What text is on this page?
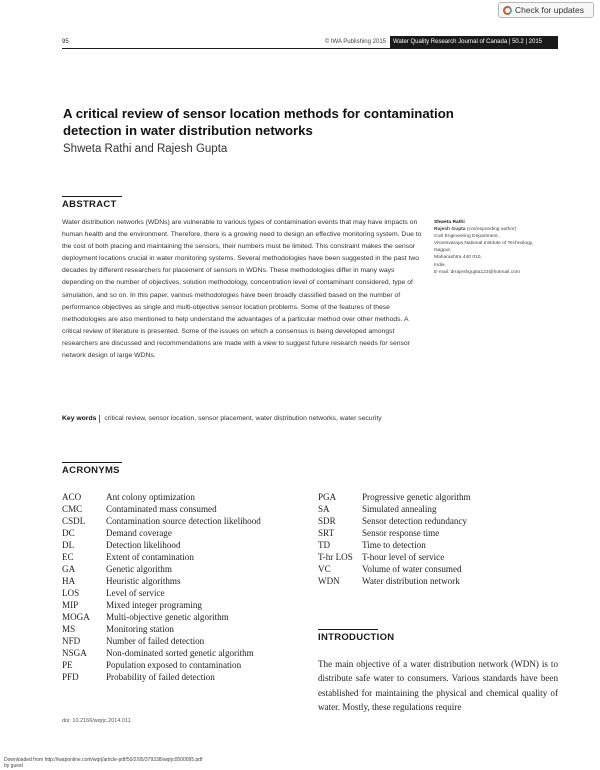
Check for updates
95	© IWA Publishing 2015	Water Quality Research Journal of Canada | 50.2 | 2015
A critical review of sensor location methods for contamination detection in water distribution networks
Shweta Rathi and Rajesh Gupta
ABSTRACT
Water distribution networks (WDNs) are vulnerable to various types of contamination events that may have impacts on human health and the environment. Therefore, there is a growing need to design an effective monitoring system. Due to the cost of both placing and maintaining the sensors, their numbers must be limited. This constraint makes the sensor deployment locations crucial in water monitoring systems. Several methodologies have been suggested in the past two decades by different researchers for placement of sensors in WDNs. These methodologies differ in many ways depending on the number of objectives, solution methodology, concentration level of contaminant considered, type of simulation, and so on. In this paper, various methodologies have been broadly classified based on the number of performance objectives as single and multi-objective sensor location problems. Some of the features of these methodologies are also mentioned to help understand the advantages of a particular method over other methods. A critical review of literature is presented. Some of the issues on which a consensus is being developed amongst researchers are discussed and recommendations are made with a view to suggest future research needs for sensor network design of large WDNs.
Key words critical review, sensor location, sensor placement, water distribution networks, water security
Shweta Rathi
Rajesh Gupta (corresponding author)
Civil Engineering Department,
Visvesvaraya National Institute of Technology,
Nagpur,
Maharashtra 440 010,
India
E-mail: drrajeshgupta123@hotmail.com
ACRONYMS
ACO	Ant colony optimization
CMC	Contaminated mass consumed
CSDL	Contamination source detection likelihood
DC	Demand coverage
DL	Detection likelihood
EC	Extent of contamination
GA	Genetic algorithm
HA	Heuristic algorithms
LOS	Level of service
MIP	Mixed integer programing
MOGA	Multi-objective genetic algorithm
MS	Monitoring station
NFD	Number of failed detection
NSGA	Non-dominated sorted genetic algorithm
PE	Population exposed to contamination
PFD	Probability of failed detection
PGA	Progressive genetic algorithm
SA	Simulated annealing
SDR	Sensor detection redundancy
SRT	Sensor response time
TD	Time to detection
T-hr LOS	T-hour level of service
VC	Volume of water consumed
WDN	Water distribution network
doi: 10.2166/wqrjc.2014.011
INTRODUCTION
The main objective of a water distribution network (WDN) is to distribute safe water to consumers. Various standards have been established for maintaining the physical and chemical quality of water. Mostly, these regulations require
Downloaded from http://iwaponline.com/wqrj/article-pdf/50/2/95/379338/wqrjc0500095.pdf
by guest
